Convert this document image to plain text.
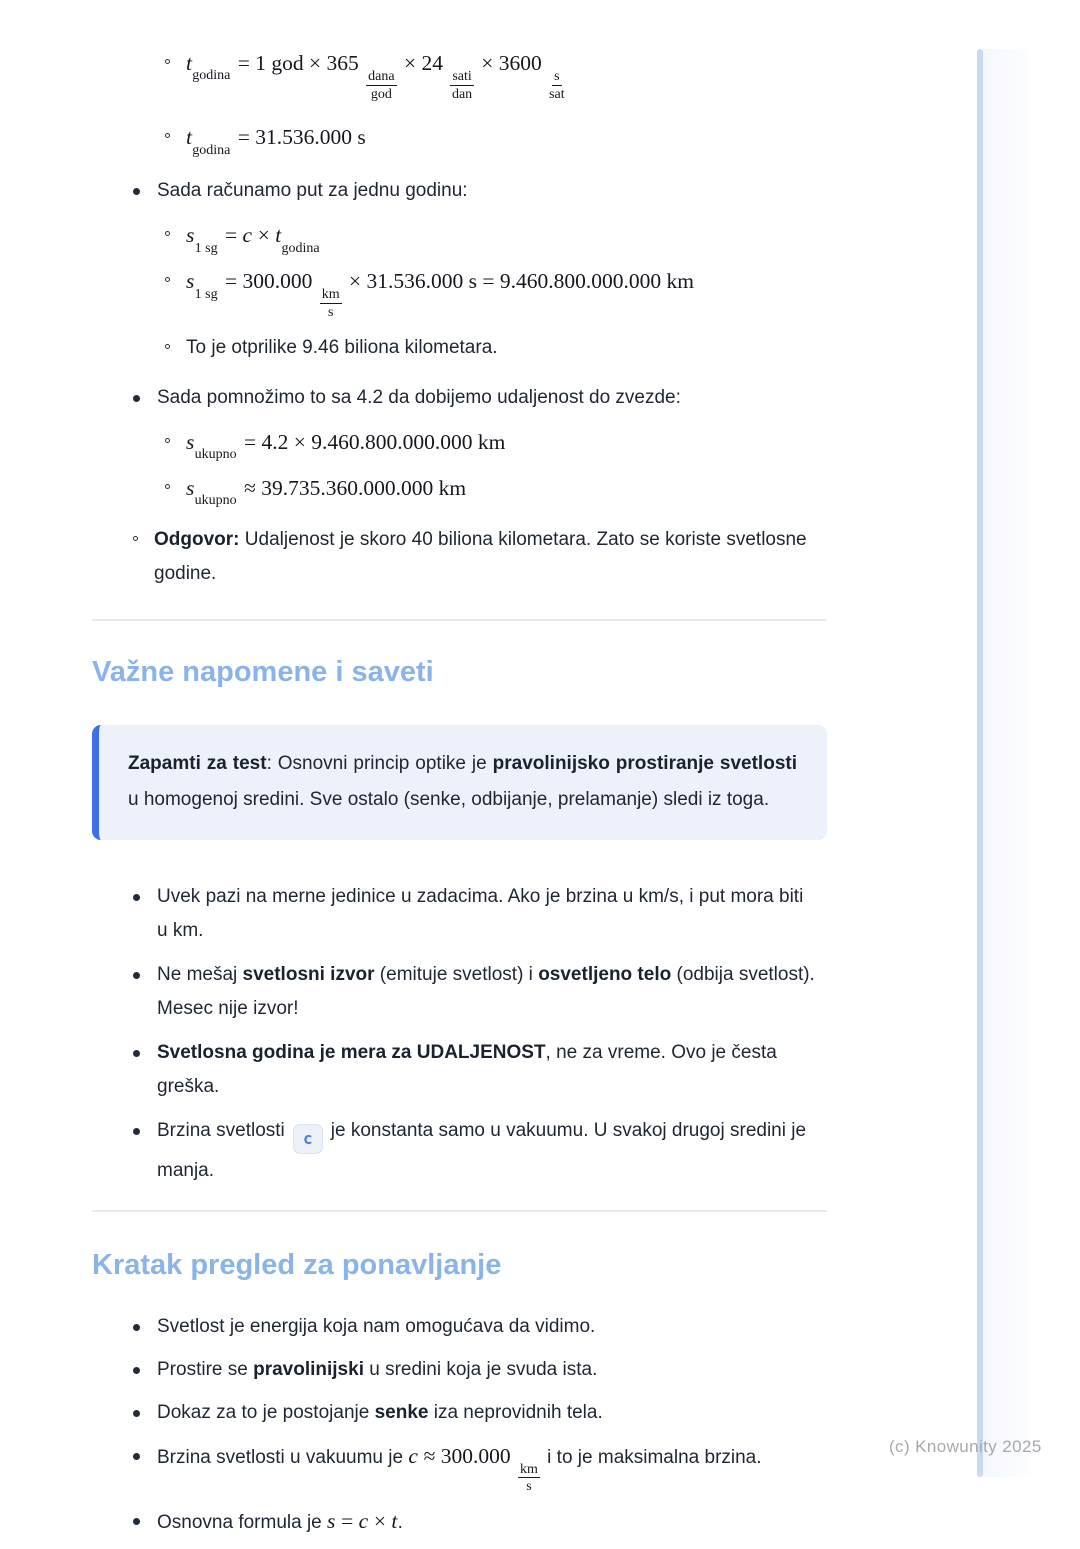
$t_{godina} = 1$ god × 365
$\frac{\text{dana}}{\text{god}}$
× 24
$\frac{\text{sati}}{\text{dan}}$
× 3600
$\frac{s}{\text{sat}}$
$t_{godina} = 31.536.000$ s
Sada računamo put za jednu godinu:
$s_{1 sg} = c \times t_{godina}$
$s_{1 sg} = 300.000$
$\frac{km}{s}$
× 31.536.000 s = 9.460.800.000.000 km
To je otprilike 9.46 biliona kilometara.
Sada pomnožimo to sa 4.2 da dobijemo udaljenost do zvezde:
$s_{ukupno} = 4.2 \times 9.460.800.000.000$ km
$s_{ukupno} \approx 39.735.360.000.000$ km
Odgovor: Udaljenost je skoro 40 biliona kilometara. Zato se koriste svetlosne godine.
Važne napomene i saveti

Zapamti za test: Osnovni princip optike je pravolinijsko prostiranje svetlosti u homogenoj sredini. Sve ostalo (senke, odbijanje, prelamanje) sledi iz toga.

Uvek pazi na merne jedinice u zadacima. Ako je brzina u km/s, i put mora biti u km.
Ne mešaj svetlosni izvor (emituje svetlost) i osvetljeno telo (odbija svetlost). Mesec nije izvor!
Svetlosna godina je mera za UDALJENOST, ne za vreme. Ovo je česta greška.
Brzina svetlosti c je konstanta samo u vakuumu. U svakoj drugoj sredini je manja.
Kratak pregled za ponavljanje
Svetlost je energija koja nam omogućava da vidimo.
Prostire se pravolinijski u sredini koja je svuda ista.
Dokaz za to je postojanje senke iza neprovidnih tela.
Brzina svetlosti u vakuumu je c ≈ 300.000
$\frac{km}{s}$
i to je maksimalna brzina.
Osnovna formula je s = c × t.
(c) Knowunity 2025
